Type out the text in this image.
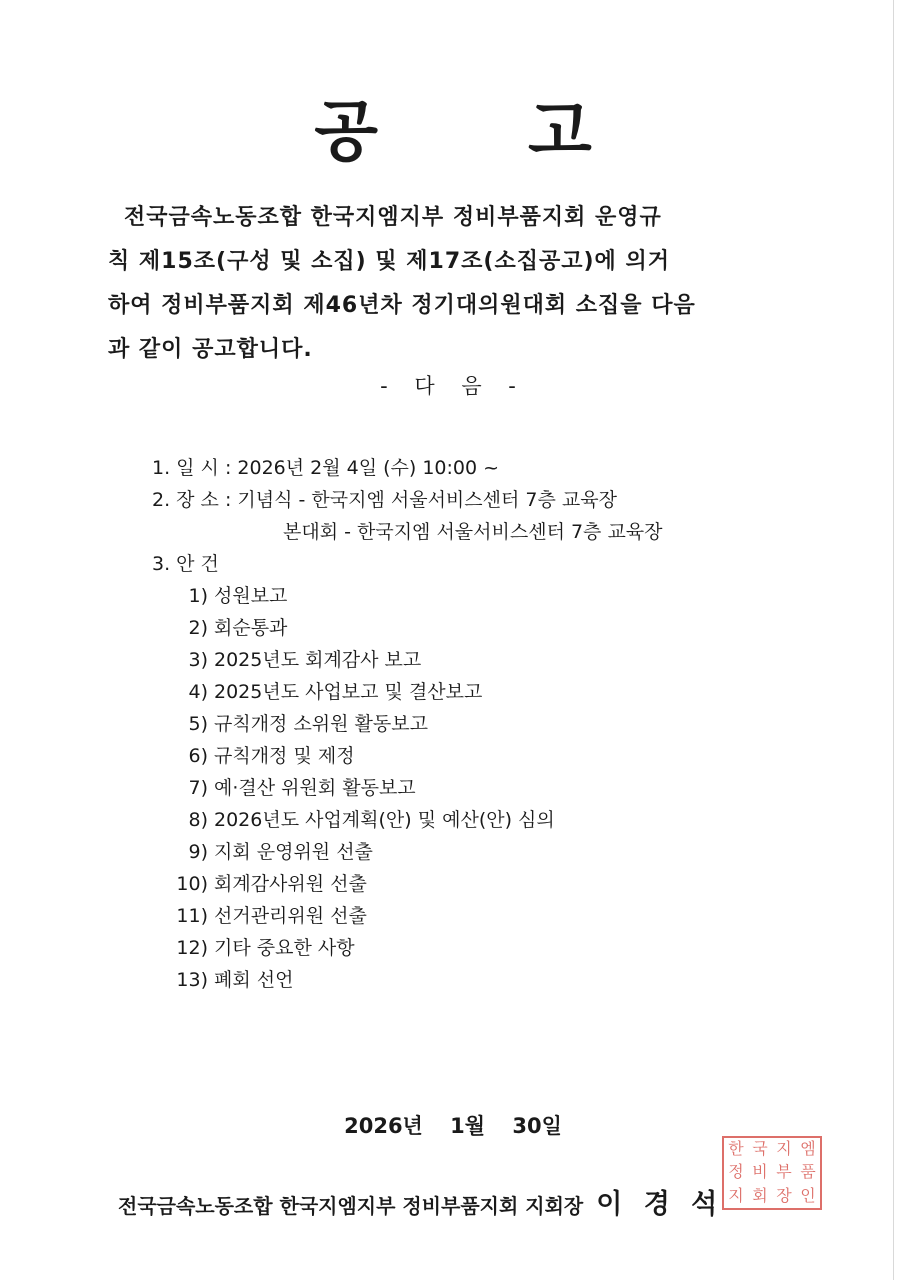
공 고

전국금속노동조합 한국지엠지부 정비부품지회 운영규

칙 제15조(구성 및 소집) 및 제17조(소집공고)에 의거

하여 정비부품지회 제46년차 정기대의원대회 소집을 다음

과 같이 공고합니다.

- 다 음 -
1. 일 시 : 2026년 2월 4일 (수) 10:00 ~
2. 장 소 : 기념식 - 한국지엠 서울서비스센터 7층 교육장
본대회 - 한국지엠 서울서비스센터 7층 교육장
3. 안 건
1) 성원보고
2) 회순통과
3) 2025년도 회계감사 보고
4) 2025년도 사업보고 및 결산보고
5) 규칙개정 소위원 활동보고
6) 규칙개정 및 제정
7) 예·결산 위원회 활동보고
8) 2026년도 사업계획(안) 및 예산(안) 심의
9) 지회 운영위원 선출
10) 회계감사위원 선출
11) 선거관리위원 선출
12) 기타 중요한 사항
13) 폐회 선언
2026년 1월 30일
전국금속노동조합 한국지엠지부 정비부품지회 지회장 이 경 석
한 국 지 엠
정 비 부 품
지 회 장 인
